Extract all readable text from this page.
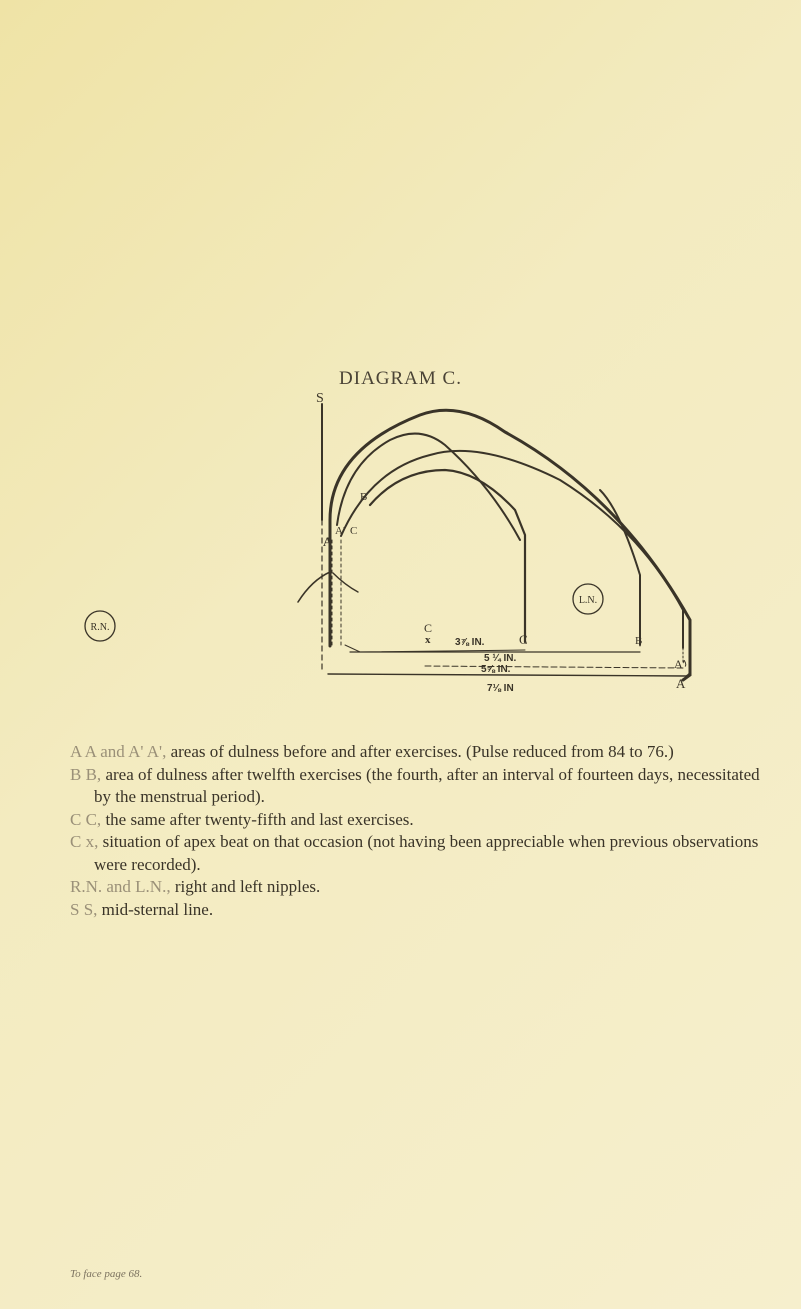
DIAGRAM C.
S
A
A' C
B
C
x	C	B
A'
A
R.N.
L.N.
3⅞ IN.
5 ¼ IN.
5⅝ IN.
7⅛ IN

A A and A' A', areas of dulness before and after exercises. (Pulse reduced from 84 to 76.)

B B, area of dulness after twelfth exercises (the fourth, after an interval of fourteen days, necessitated by the menstrual period).

C C, the same after twenty-fifth and last exercises.

C x, situation of apex beat on that occasion (not having been appreciable when previous observations were recorded).

R.N. and L.N., right and left nipples.

S S, mid-sternal line.

To face page 68.
